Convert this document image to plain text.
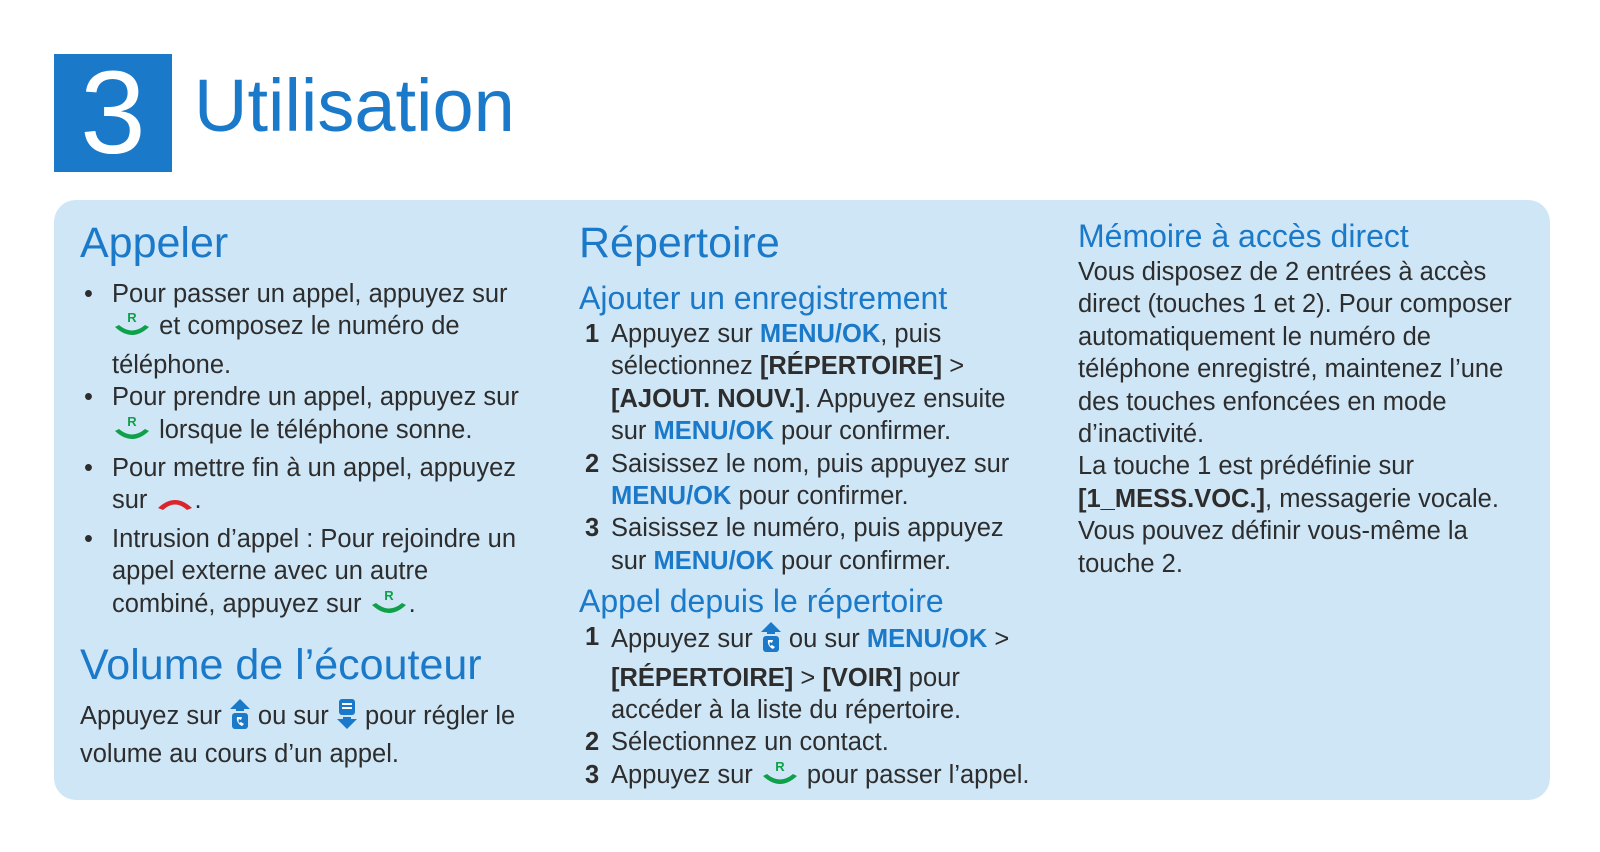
3 Utilisation
Appeler
• Pour passer un appel, appuyez sur
R et composez le numéro de téléphone.
• Pour prendre un appel, appuyez sur
R lorsque le téléphone sonne.
• Pour mettre fin à un appel, appuyez sur .
• Intrusion d’appel : Pour rejoindre un appel externe avec un autre combiné, appuyez sur R .
Volume de l’écouteur

Appuyez sur  ou sur  pour régler le volume au cours d’un appel.

Répertoire
Ajouter un enregistrement
1 Appuyez sur MENU/OK, puis sélectionnez [RÉPERTOIRE] > [AJOUT. NOUV.]. Appuyez ensuite sur MENU/OK pour confirmer.
2 Saisissez le nom, puis appuyez sur MENU/OK pour confirmer.
3 Saisissez le numéro, puis appuyez sur MENU/OK pour confirmer.
Appel depuis le répertoire
1 Appuyez sur  ou sur MENU/OK > [RÉPERTOIRE] > [VOIR] pour accéder à la liste du répertoire.
2 Sélectionnez un contact.
3 Appuyez sur R pour passer l’appel.
Mémoire à accès direct

Vous disposez de 2 entrées à accès direct (touches 1 et 2). Pour composer automatiquement le numéro de téléphone enregistré, maintenez l’une des touches enfoncées en mode d’inactivité.

La touche 1 est prédéfinie sur [1_MESS.VOC.], messagerie vocale.

Vous pouvez définir vous-même la touche 2.
